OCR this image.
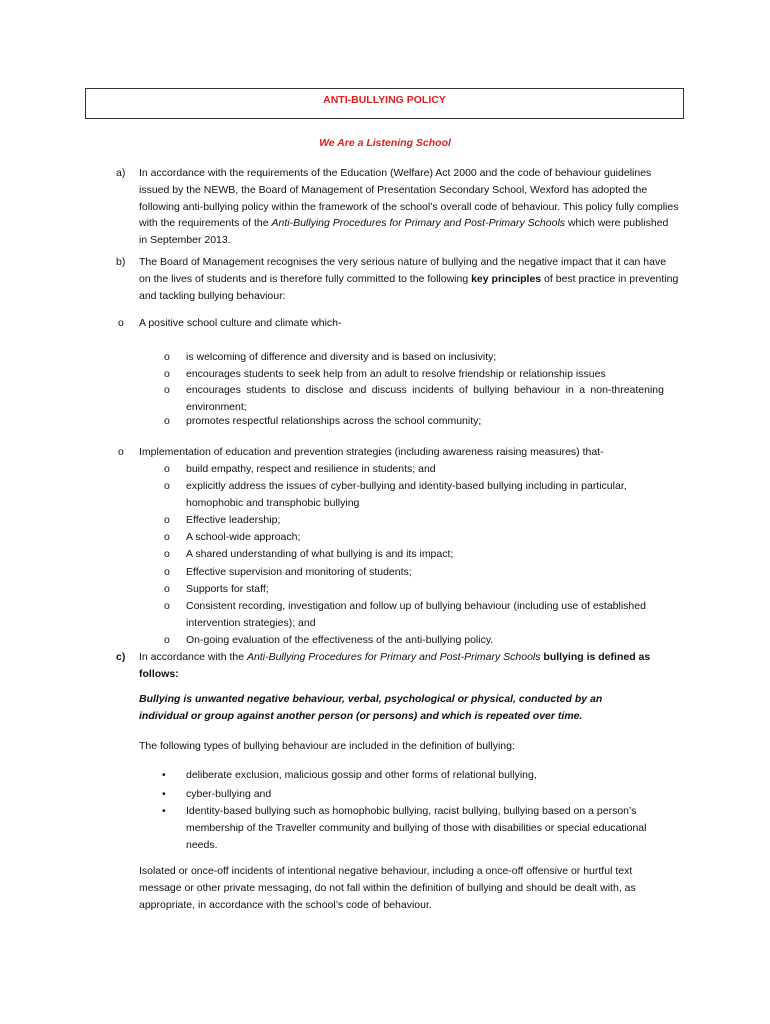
ANTI-BULLYING POLICY
We Are a Listening School
a) In accordance with the requirements of the Education (Welfare) Act 2000 and the code of behaviour guidelines issued by the NEWB, the Board of Management of Presentation Secondary School, Wexford has adopted the following anti-bullying policy within the framework of the school’s overall code of behaviour. This policy fully complies with the requirements of the Anti-Bullying Procedures for Primary and Post-Primary Schools which were published in September 2013.
b) The Board of Management recognises the very serious nature of bullying and the negative impact that it can have on the lives of students and is therefore fully committed to the following key principles of best practice in preventing and tackling bullying behaviour:
o A positive school culture and climate which-
o is welcoming of difference and diversity and is based on inclusivity;
o encourages students to seek help from an adult to resolve friendship or relationship issues
o encourages students to disclose and discuss incidents of bullying behaviour in a non-threatening environment;
o promotes respectful relationships across the school community;
o Implementation of education and prevention strategies (including awareness raising measures) that-
o build empathy, respect and resilience in students; and
o explicitly address the issues of cyber-bullying and identity-based bullying including in particular, homophobic and transphobic bullying
o Effective leadership;
o A school-wide approach;
o A shared understanding of what bullying is and its impact;
o Effective supervision and monitoring of students;
o Supports for staff;
o Consistent recording, investigation and follow up of bullying behaviour (including use of established intervention strategies); and
o On-going evaluation of the effectiveness of the anti-bullying policy.
c) In accordance with the Anti-Bullying Procedures for Primary and Post-Primary Schools bullying is defined as follows:
Bullying is unwanted negative behaviour, verbal, psychological or physical, conducted by an individual or group against another person (or persons) and which is repeated over time.
The following types of bullying behaviour are included in the definition of bullying:
• deliberate exclusion, malicious gossip and other forms of relational bullying,
• cyber-bullying and
• Identity-based bullying such as homophobic bullying, racist bullying, bullying based on a person’s membership of the Traveller community and bullying of those with disabilities or special educational needs.
Isolated or once-off incidents of intentional negative behaviour, including a once-off offensive or hurtful text message or other private messaging, do not fall within the definition of bullying and should be dealt with, as appropriate, in accordance with the school’s code of behaviour.
